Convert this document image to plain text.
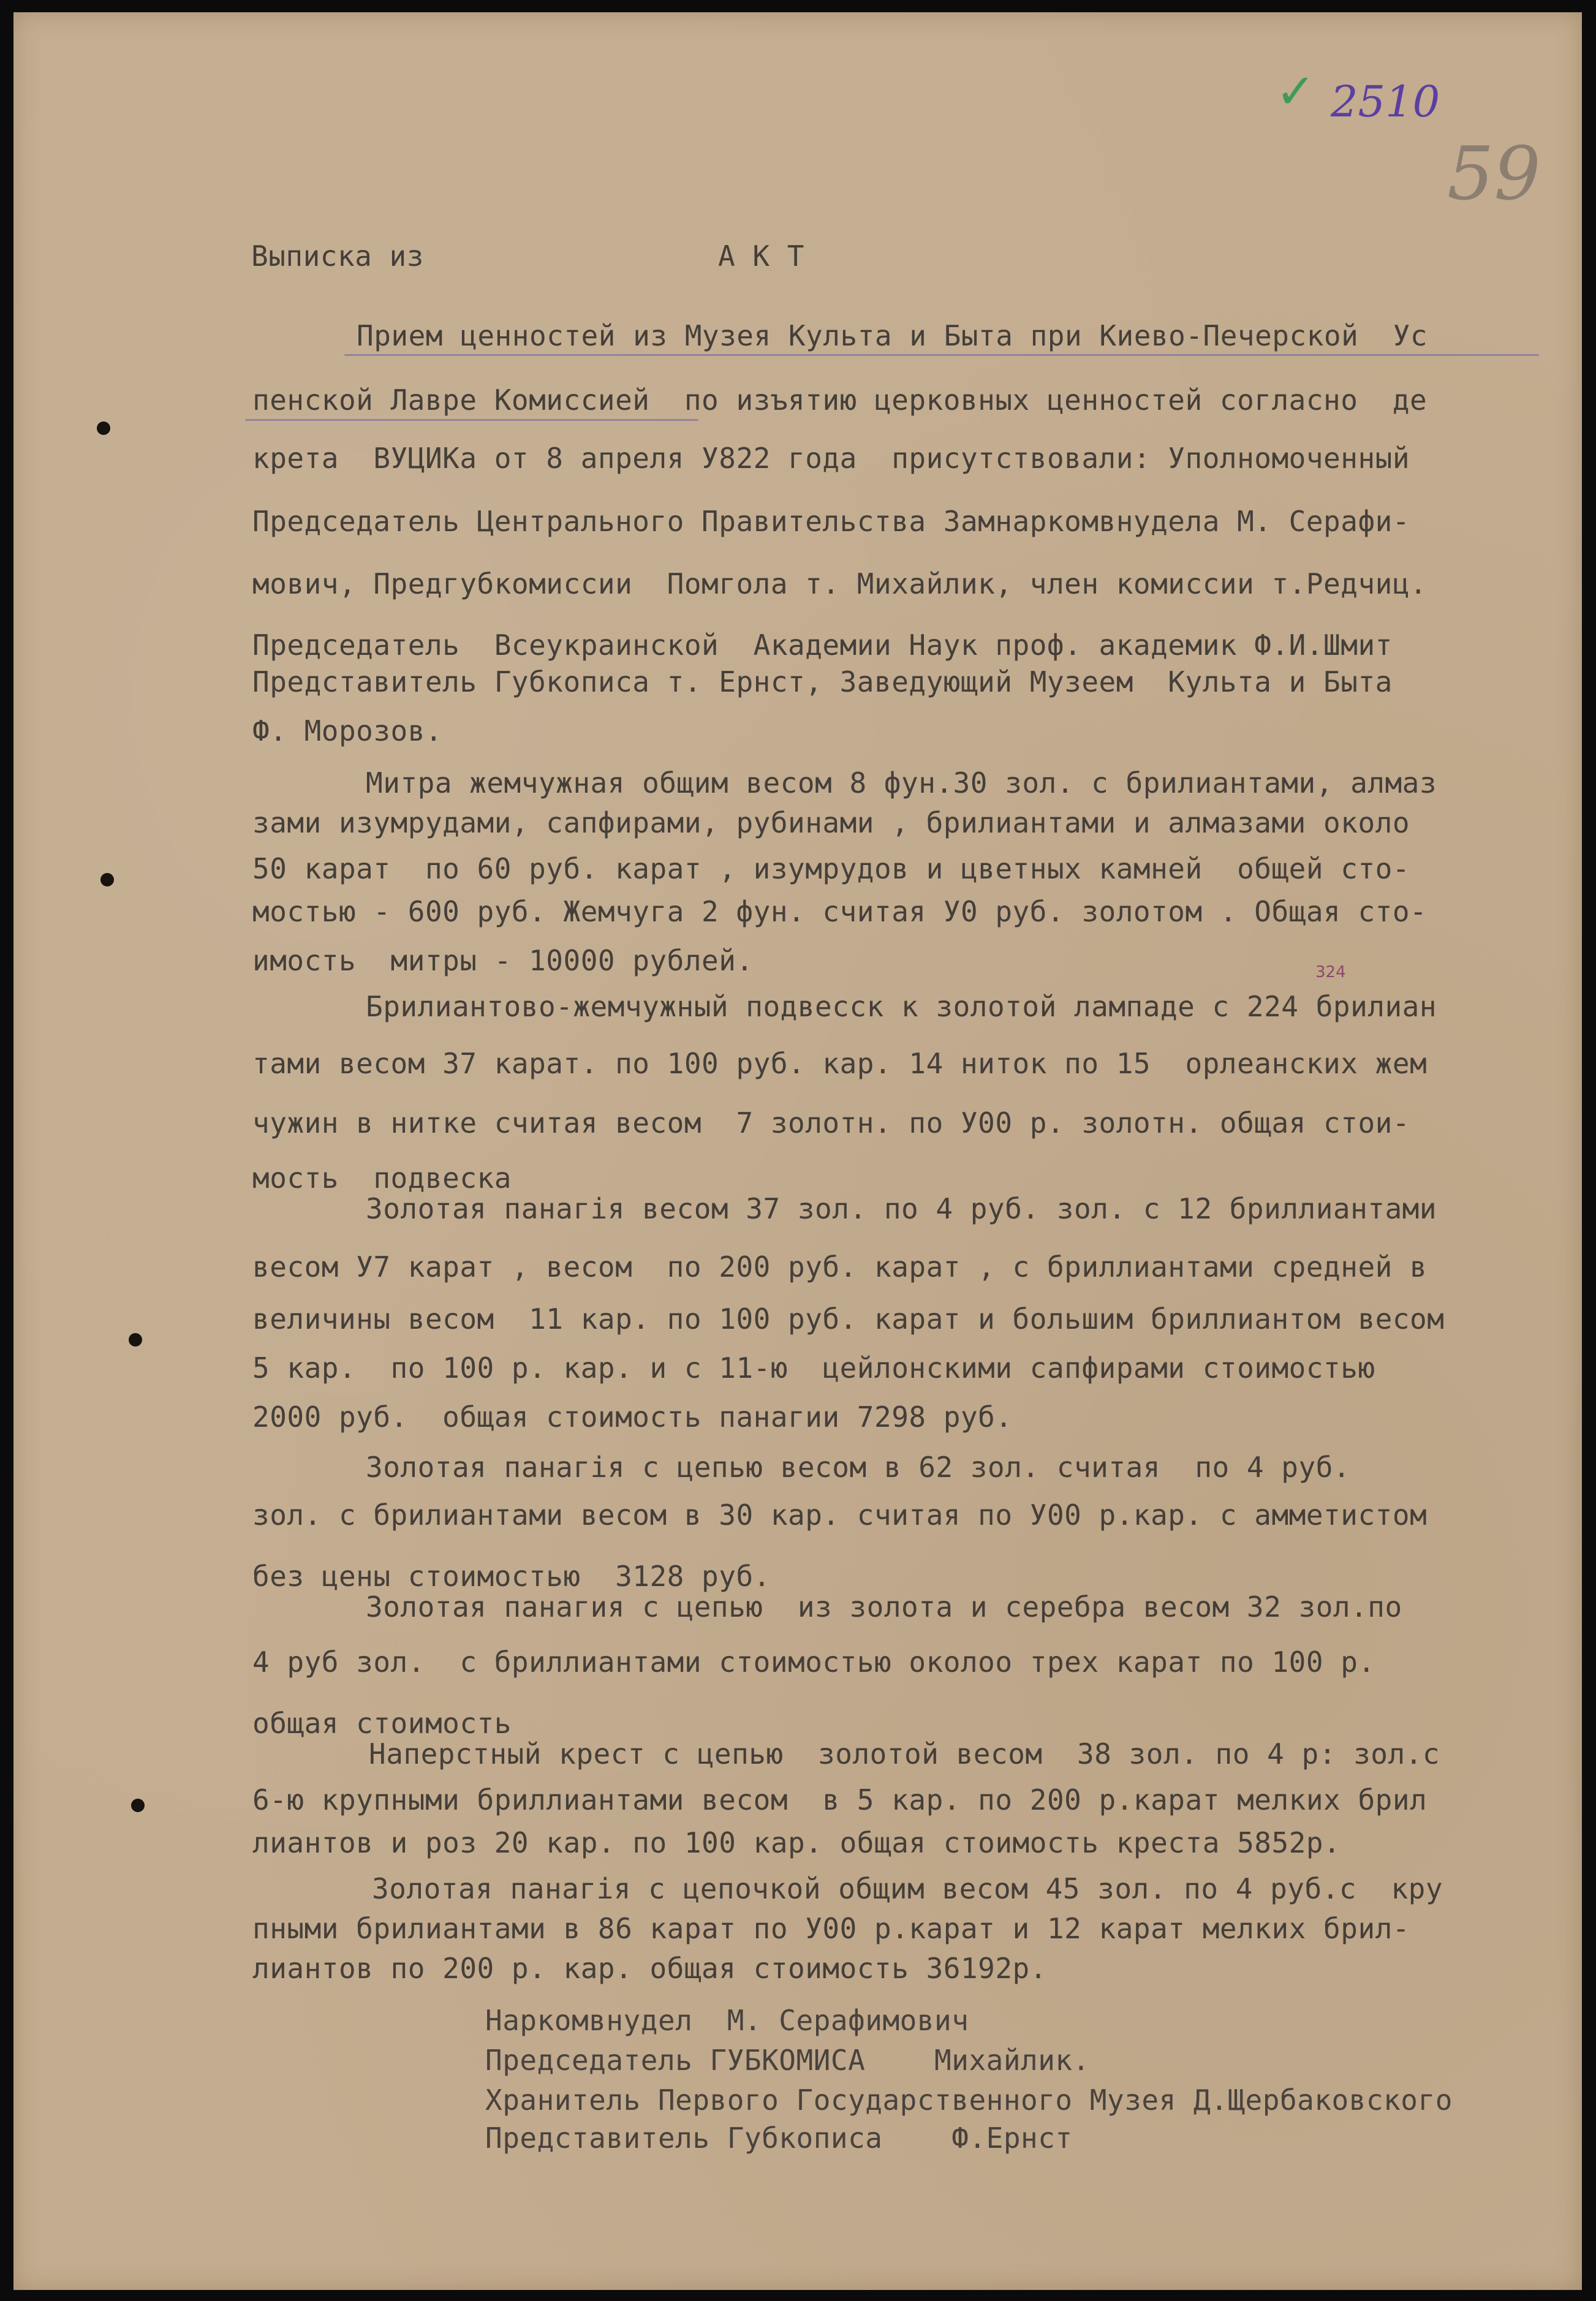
✓ 2510
59
324
Выписка из	А К Т
Прием ценностей из Музея Культа и Быта при Киево-Печерской  Ус
пенской Лавре Комиссией  по изъятию церковных ценностей согласно  де
крета  ВУЦИКа от 8 апреля У822 года  присутствовали: Уполномоченный
Председатель Центрального Правительства Замнаркомвнудела М. Серафи-
мович, Предгубкомиссии  Помгола т. Михайлик, член комиссии т.Редчиц.
Председатель  Всеукраинской  Академии Наук проф. академик Ф.И.Шмит
Представитель Губкописа т. Ернст, Заведующий Музеем  Культа и Быта
Ф. Морозов.
Митра жемчужная общим весом 8 фун.30 зол. с брилиантами, алмаз
зами изумрудами, сапфирами, рубинами , брилиантами и алмазами около
50 карат  по 60 руб. карат , изумрудов и цветных камней  общей сто-
мостью - 600 руб. Жемчуга 2 фун. считая У0 руб. золотом . Общая сто-
имость  митры - 10000 рублей.
Брилиантово-жемчужный подвесск к золотой лампаде с 224 брилиан
тами весом 37 карат. по 100 руб. кар. 14 ниток по 15  орлеанских жем
чужин в нитке считая весом  7 золотн. по У00 р. золотн. общая стои-
мость  подвеска
Золотая панагія весом 37 зол. по 4 руб. зол. с 12 бриллиантами
весом У7 карат , весом  по 200 руб. карат , с бриллиантами средней в
величины весом  11 кар. по 100 руб. карат и большим бриллиантом весом
5 кар.  по 100 р. кар. и с 11-ю  цейлонскими сапфирами стоимостью
2000 руб.  общая стоимость панагии 7298 руб.
Золотая панагія с цепью весом в 62 зол. считая  по 4 руб.
зол. с брилиантами весом в 30 кар. считая по У00 р.кар. с амметистом
без цены стоимостью  3128 руб.
Золотая панагия с цепью  из золота и серебра весом 32 зол.по
4 руб зол.  с бриллиантами стоимостью околоо трех карат по 100 р.
общая стоимость
Наперстный крест с цепью  золотой весом  38 зол. по 4 р: зол.с
6-ю крупными бриллиантами весом  в 5 кар. по 200 р.карат мелких брил
лиантов и роз 20 кар. по 100 кар. общая стоимость креста 5852р.
Золотая панагія с цепочкой общим весом 45 зол. по 4 руб.с  кру
пными брилиантами в 86 карат по У00 р.карат и 12 карат мелких брил-
лиантов по 200 р. кар. общая стоимость 36192р.
Наркомвнудел  М. Серафимович
Председатель ГУБКОМИСА    Михайлик.
Хранитель Первого Государственного Музея Д.Щербаковского
Представитель Губкописа    Ф.Ернст
